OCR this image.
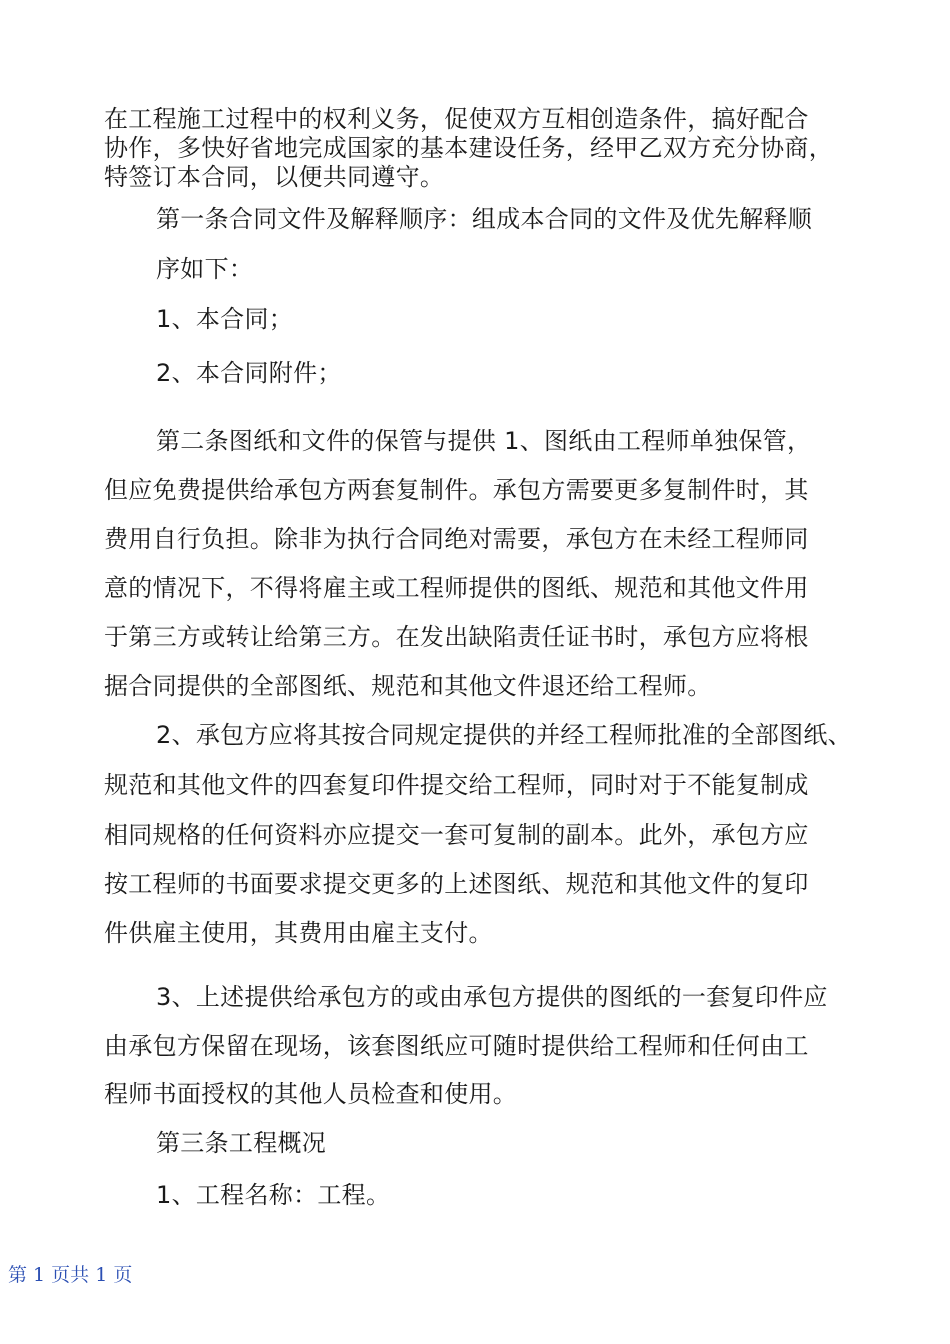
在工程施工过程中的权利义务，促使双方互相创造条件，搞好配合
协作，多快好省地完成国家的基本建设任务，经甲乙双方充分协商，
特签订本合同，以便共同遵守。
第一条合同文件及解释顺序：组成本合同的文件及优先解释顺
序如下：
1、本合同；
2、本合同附件；
第二条图纸和文件的保管与提供 1、图纸由工程师单独保管，
但应免费提供给承包方两套复制件。承包方需要更多复制件时，其
费用自行负担。除非为执行合同绝对需要，承包方在未经工程师同
意的情况下，不得将雇主或工程师提供的图纸、规范和其他文件用
于第三方或转让给第三方。在发出缺陷责任证书时，承包方应将根
据合同提供的全部图纸、规范和其他文件退还给工程师。
2、承包方应将其按合同规定提供的并经工程师批准的全部图纸、
规范和其他文件的四套复印件提交给工程师，同时对于不能复制成
相同规格的任何资料亦应提交一套可复制的副本。此外，承包方应
按工程师的书面要求提交更多的上述图纸、规范和其他文件的复印
件供雇主使用，其费用由雇主支付。
3、上述提供给承包方的或由承包方提供的图纸的一套复印件应
由承包方保留在现场，该套图纸应可随时提供给工程师和任何由工
程师书面授权的其他人员检查和使用。
第三条工程概况
1、工程名称：工程。
第 1 页共 1 页
